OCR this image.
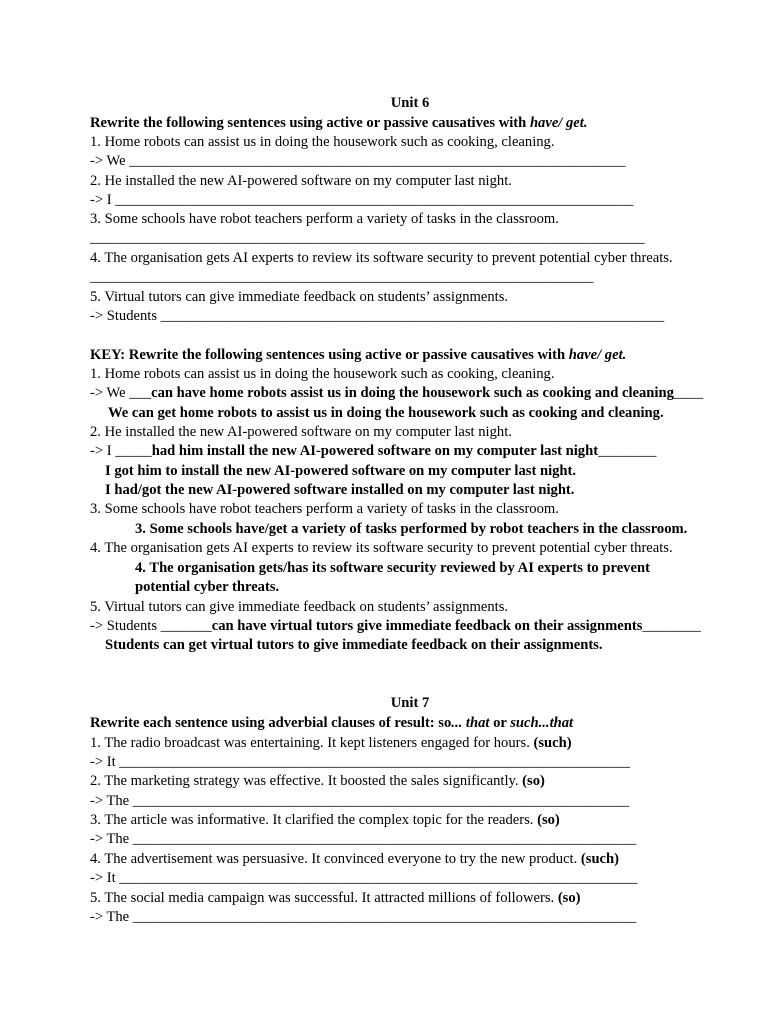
Unit 6
Rewrite the following sentences using active or passive causatives with have/ get.
1. Home robots can assist us in doing the housework such as cooking, cleaning.
-> We ____________________________________________________________________
2. He installed the new AI-powered software on my computer last night.
-> I _______________________________________________________________________
3. Some schools have robot teachers perform a variety of tasks in the classroom.
____________________________________________________________________________
4. The organisation gets AI experts to review its software security to prevent potential cyber threats.
_____________________________________________________________________
5. Virtual tutors can give immediate feedback on students’ assignments.
-> Students _____________________________________________________________________
KEY: Rewrite the following sentences using active or passive causatives with have/ get.
1. Home robots can assist us in doing the housework such as cooking, cleaning.
-> We ___can have home robots assist us in doing the housework such as cooking and cleaning____
We can get home robots to assist us in doing the housework such as cooking and cleaning.
2. He installed the new AI-powered software on my computer last night.
-> I _____had him install the new AI-powered software on my computer last night________
I got him to install the new AI-powered software on my computer last night.
I had/got the new AI-powered software installed on my computer last night.
3. Some schools have robot teachers perform a variety of tasks in the classroom.
3. Some schools have/get a variety of tasks performed by robot teachers in the classroom.
4. The organisation gets AI experts to review its software security to prevent potential cyber threats.
4. The organisation gets/has its software security reviewed by AI experts to prevent
potential cyber threats.
5. Virtual tutors can give immediate feedback on students’ assignments.
-> Students _______can have virtual tutors give immediate feedback on their assignments________
Students can get virtual tutors to give immediate feedback on their assignments.
Unit 7
Rewrite each sentence using adverbial clauses of result: so... that or such...that
1. The radio broadcast was entertaining. It kept listeners engaged for hours. (such)
-> It ______________________________________________________________________
2. The marketing strategy was effective. It boosted the sales significantly. (so)
-> The ____________________________________________________________________
3. The article was informative. It clarified the complex topic for the readers. (so)
-> The _____________________________________________________________________
4. The advertisement was persuasive. It convinced everyone to try the new product. (such)
-> It _______________________________________________________________________
5. The social media campaign was successful. It attracted millions of followers. (so)
-> The _____________________________________________________________________
